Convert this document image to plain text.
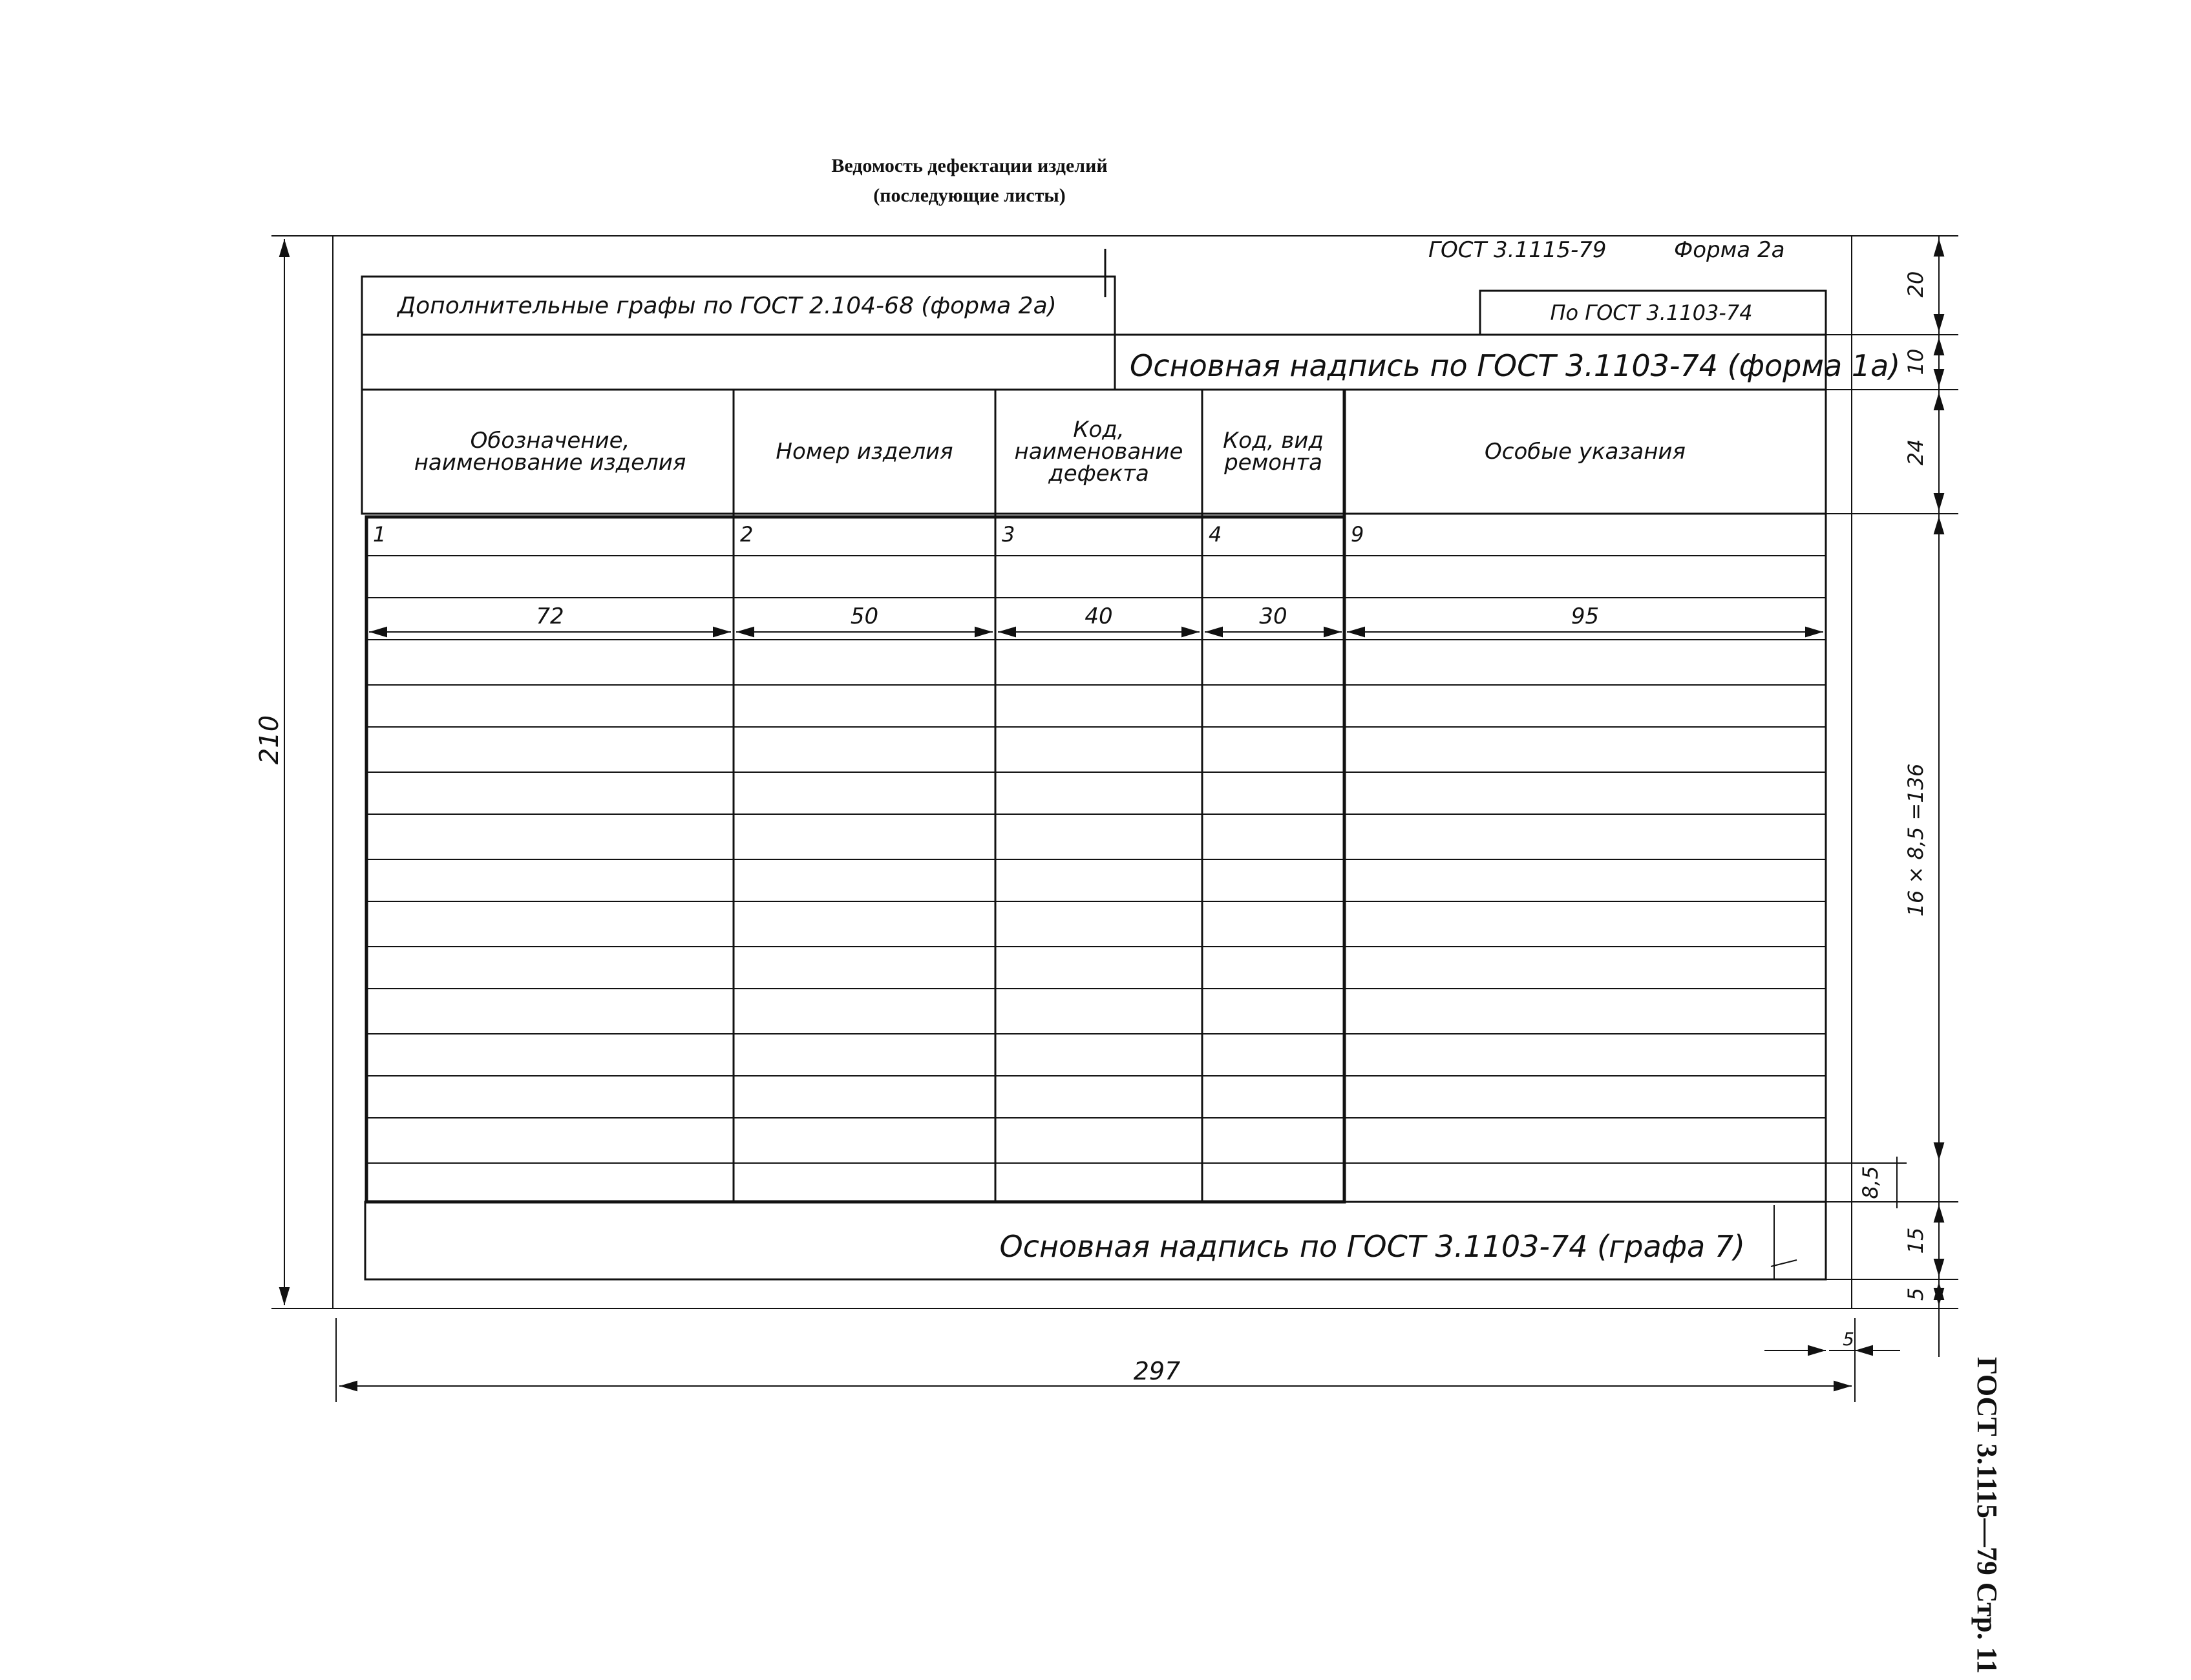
Ведомость дефектации изделий
(последующие листы)
ГОСТ 3.1115—79 Стр. 11
ГОСТ 3.1115-79	Форма 2а
Дополнительные графы по ГОСТ 2.104-68 (форма 2а)	По ГОСТ 3.1103-74
Основная надпись по ГОСТ 3.1103-74 (форма 1а)
Основная надпись по ГОСТ 3.1103-74 (графа 7)
Обозначение,
наименование изделия
1
72
Номер изделия
2
50
Код,
наименование
дефекта
3
40
Код, вид
ремонта
4
30
Особые указания
9
95
210
297
5
20
10
24
16 × 8,5 =136
8,5
15
5
